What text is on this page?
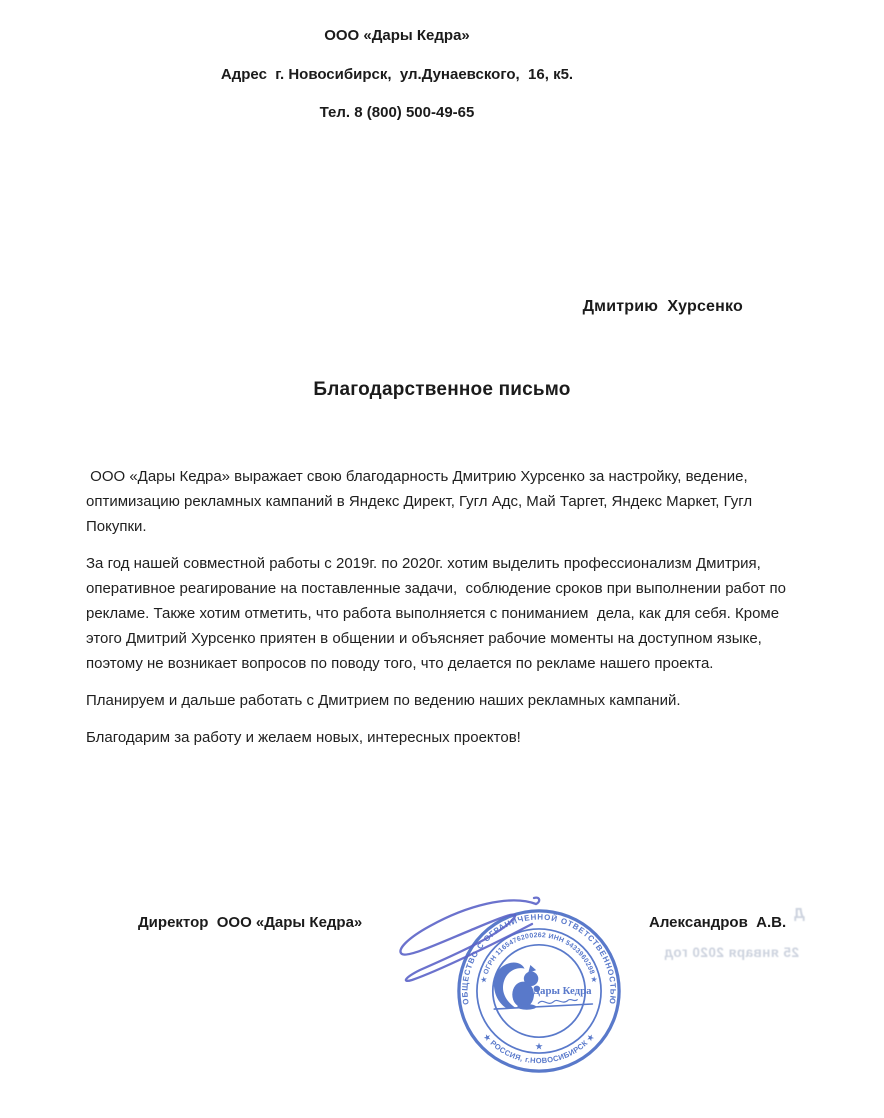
ООО «Дары Кедра»
Адрес  г. Новосибирск,  ул.Дунаевского,  16, к5.
Тел. 8 (800) 500-49-65
Дмитрию  Хурсенко
Благодарственное письмо

ООО «Дары Кедра» выражает свою благодарность Дмитрию Хурсенко за настройку, ведение, оптимизацию рекламных кампаний в Яндекс Директ, Гугл Адс, Май Таргет, Яндекс Маркет, Гугл Покупки.

За год нашей совместной работы с 2019г. по 2020г. хотим выделить профессионализм Дмитрия, оперативное реагирование на поставленные задачи,  соблюдение сроков при выполнении работ по рекламе. Также хотим отметить, что работа выполняется с пониманием  дела, как для себя. Кроме этого Дмитрий Хурсенко приятен в общении и объясняет рабочие моменты на доступном языке, поэтому не возникает вопросов по поводу того, что делается по рекламе нашего проекта.

Планируем и дальше работать с Дмитрием по ведению наших рекламных кампаний.

Благодарим за работу и желаем новых, интересных проектов!

Директор  ООО «Дары Кедра»	Александров  А.В.
Д
25 января 2020 год
ОБЩЕСТВО С ОГРАНИЧЕННОЙ ОТВЕТСТВЕННОСТЬЮ
★ РОССИЯ, г.НОВОСИБИРСК ★
★ ОГРН 1165476200262 ИНН 5433960298 ★
★
Дары Кедра
